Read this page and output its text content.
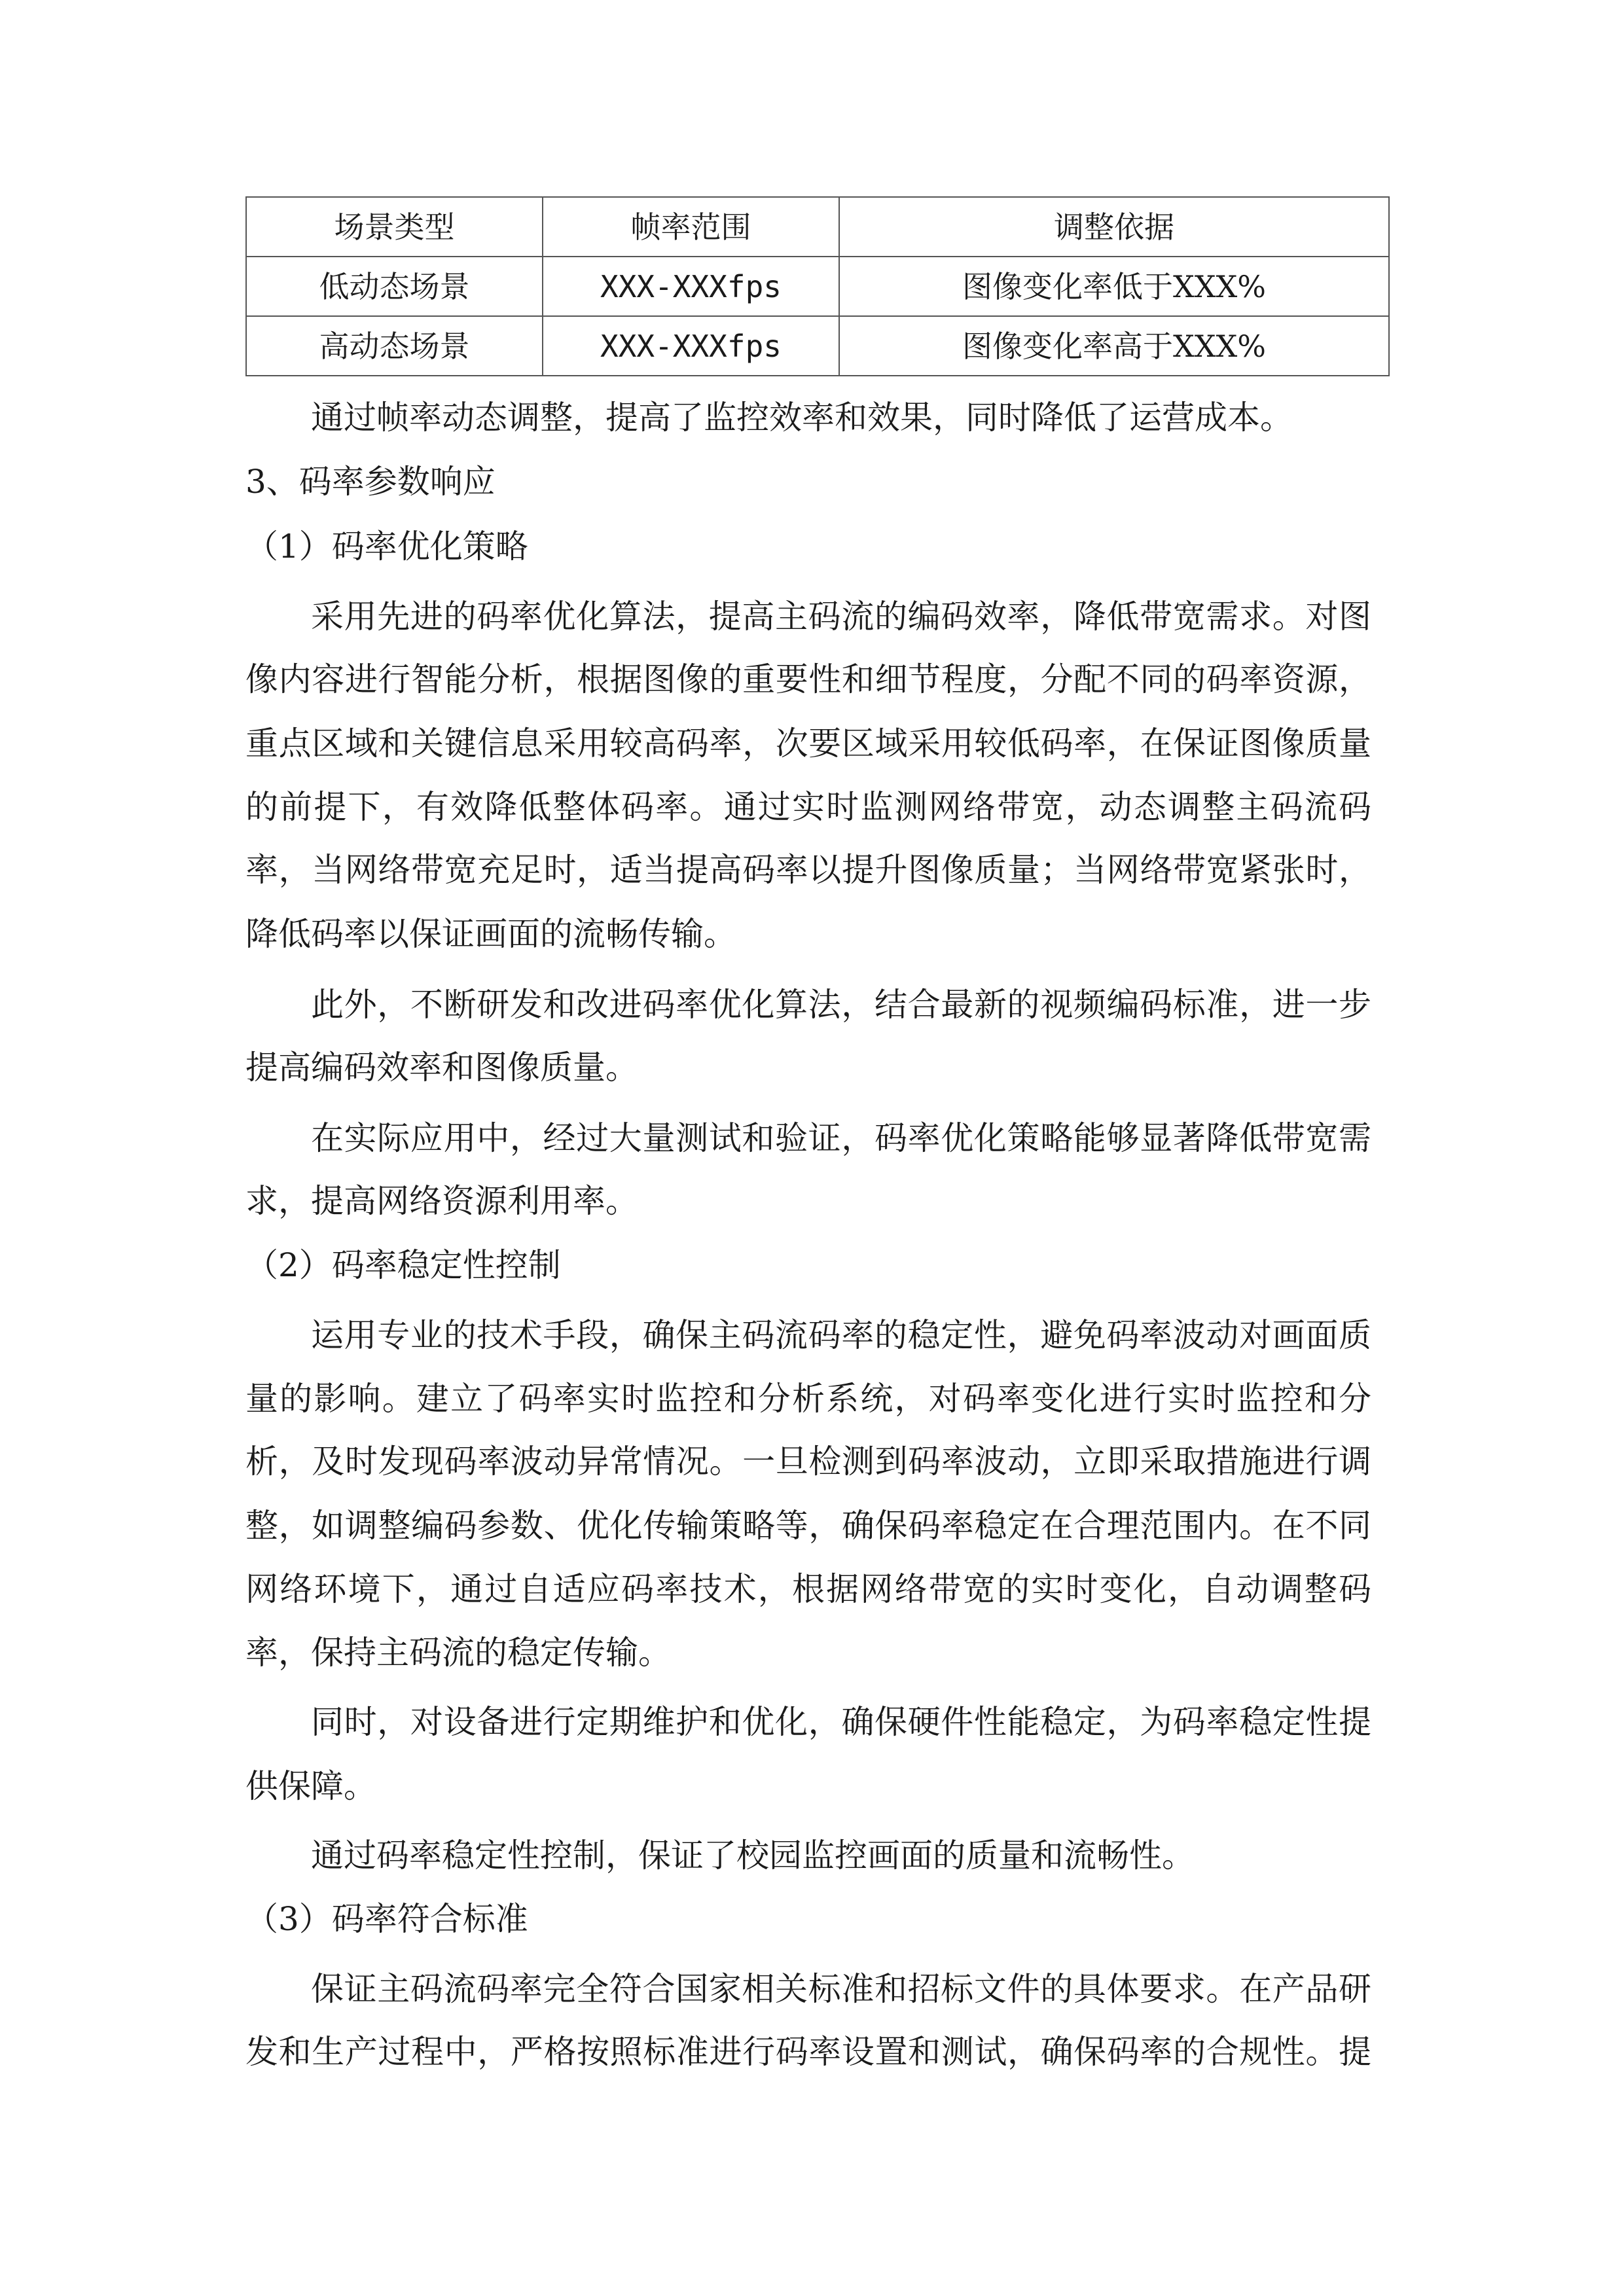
场景类型	帧率范围	调整依据
低动态场景	XXX-XXXfps	图像变化率低于XXX%
高动态场景	XXX-XXXfps	图像变化率高于XXX%
通过帧率动态调整，提高了监控效率和效果，同时降低了运营成本。
3、码率参数响应
（1）码率优化策略
采用先进的码率优化算法，提高主码流的编码效率，降低带宽需求。对图
像内容进行智能分析，根据图像的重要性和细节程度，分配不同的码率资源，
重点区域和关键信息采用较高码率，次要区域采用较低码率，在保证图像质量
的前提下，有效降低整体码率。通过实时监测网络带宽，动态调整主码流码
率，当网络带宽充足时，适当提高码率以提升图像质量；当网络带宽紧张时，
降低码率以保证画面的流畅传输。
此外，不断研发和改进码率优化算法，结合最新的视频编码标准，进一步
提高编码效率和图像质量。
在实际应用中，经过大量测试和验证，码率优化策略能够显著降低带宽需
求，提高网络资源利用率。
（2）码率稳定性控制
运用专业的技术手段，确保主码流码率的稳定性，避免码率波动对画面质
量的影响。建立了码率实时监控和分析系统，对码率变化进行实时监控和分
析，及时发现码率波动异常情况。一旦检测到码率波动，立即采取措施进行调
整，如调整编码参数、优化传输策略等，确保码率稳定在合理范围内。在不同
网络环境下，通过自适应码率技术，根据网络带宽的实时变化，自动调整码
率，保持主码流的稳定传输。
同时，对设备进行定期维护和优化，确保硬件性能稳定，为码率稳定性提
供保障。
通过码率稳定性控制，保证了校园监控画面的质量和流畅性。
（3）码率符合标准
保证主码流码率完全符合国家相关标准和招标文件的具体要求。在产品研
发和生产过程中，严格按照标准进行码率设置和测试，确保码率的合规性。提
